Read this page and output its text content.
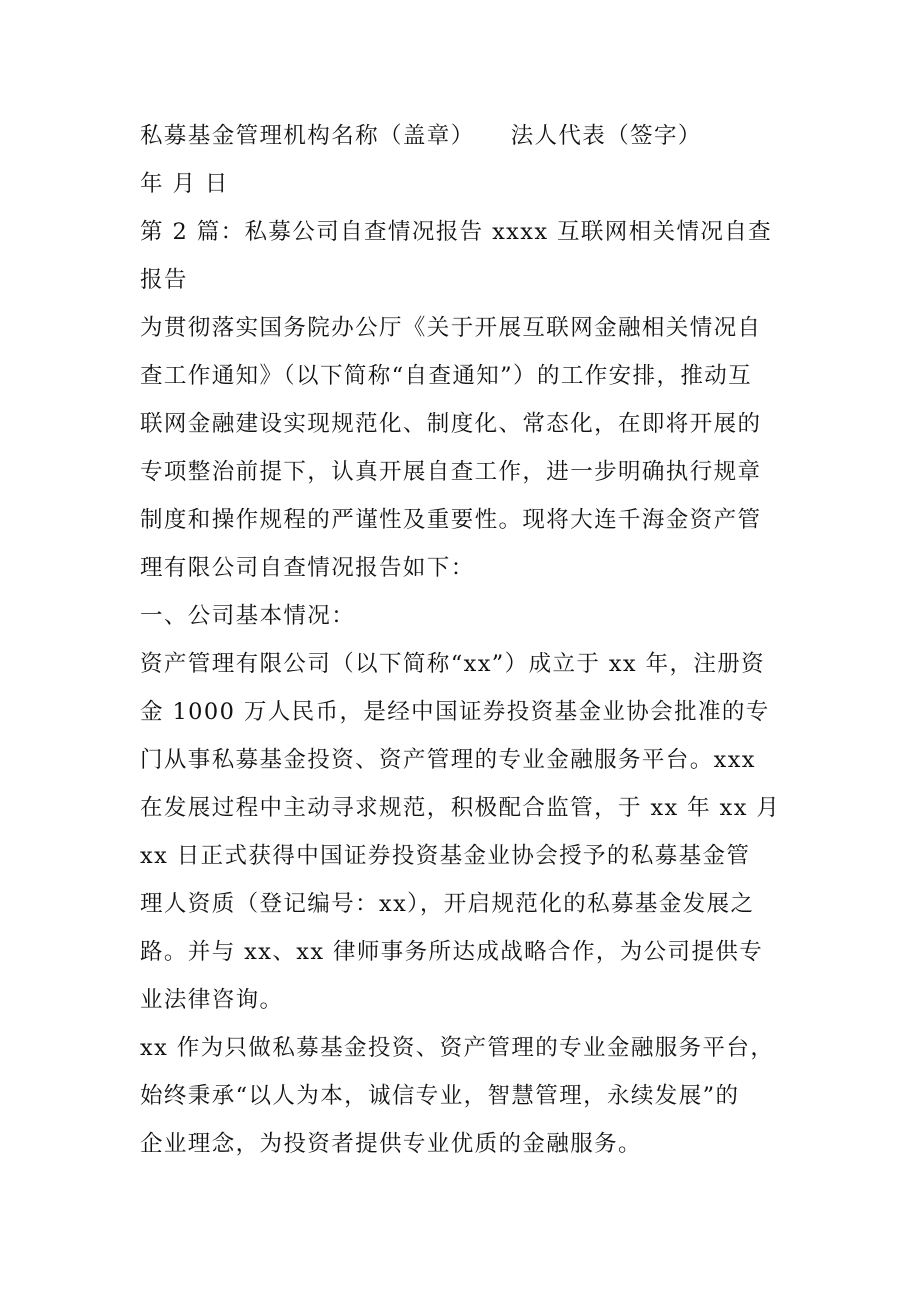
私募基金管理机构名称（盖章） 法人代表（签字）
年 月 日
第 2 篇：私募公司自查情况报告 xxxx 互联网相关情况自查
报告
为贯彻落实国务院办公厅《关于开展互联网金融相关情况自
查工作通知》（以下简称“自查通知”）的工作安排，推动互
联网金融建设实现规范化、制度化、常态化，在即将开展的
专项整治前提下，认真开展自查工作，进一步明确执行规章
制度和操作规程的严谨性及重要性。现将大连千海金资产管
理有限公司自查情况报告如下：
一、公司基本情况：
资产管理有限公司（以下简称“xx”）成立于 xx 年，注册资
金 1000 万人民币，是经中国证券投资基金业协会批准的专
门从事私募基金投资、资产管理的专业金融服务平台。xxx
在发展过程中主动寻求规范，积极配合监管，于 xx 年 xx 月
xx 日正式获得中国证券投资基金业协会授予的私募基金管
理人资质（登记编号：xx），开启规范化的私募基金发展之
路。并与 xx、xx 律师事务所达成战略合作，为公司提供专
业法律咨询。
xx 作为只做私募基金投资、资产管理的专业金融服务平台，
始终秉承“以人为本，诚信专业，智慧管理，永续发展”的
企业理念，为投资者提供专业优质的金融服务。
